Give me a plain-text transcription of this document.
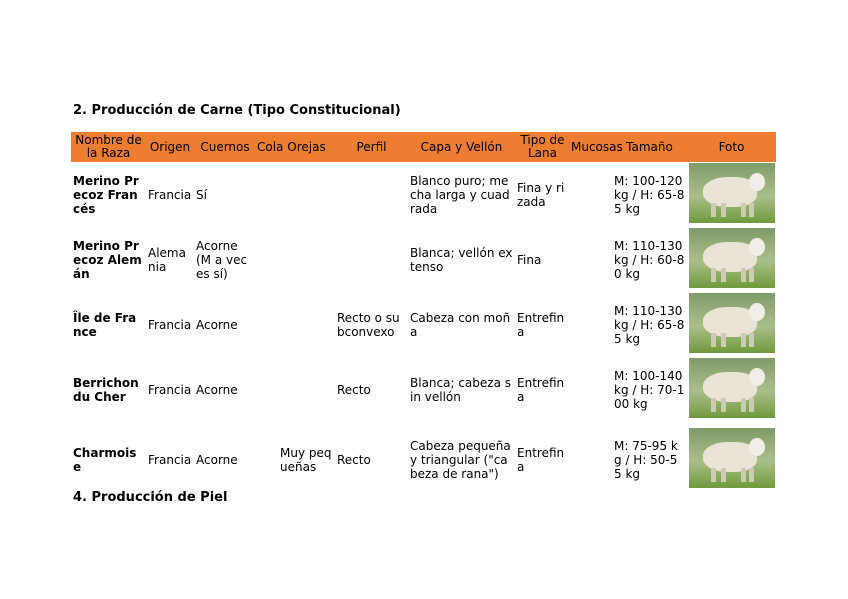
2. Producción de Carne (Tipo Constitucional)
Nombre de la Raza	Origen	Cuernos	Cola	Orejas	Perfil	Capa y Vellón	Tipo de Lana	Mucosas	Tamaño	Foto
Merino Precoz Francés	Francia	Sí				Blanco puro; mecha larga y cuadrada	Fina y rizada		M: 100-120 kg / H: 65-85 kg	

Merino Precoz Alemán	Alemania	Acorne (M a veces sí)				Blanca; vellón extenso	Fina		M: 110-130 kg / H: 60-80 kg	

Île de France	Francia	Acorne			Recto o subconvexo	Cabeza con moña	Entrefina		M: 110-130 kg / H: 65-85 kg	

Berrichon du Cher	Francia	Acorne			Recto	Blanca; cabeza sin vellón	Entrefina		M: 100-140 kg / H: 70-100 kg	

Charmoise	Francia	Acorne		Muy pequeñas	Recto	Cabeza pequeña y triangular ("cabeza de rana")	Entrefina		M: 75-95 kg / H: 50-55 kg	
4. Producción de Piel
